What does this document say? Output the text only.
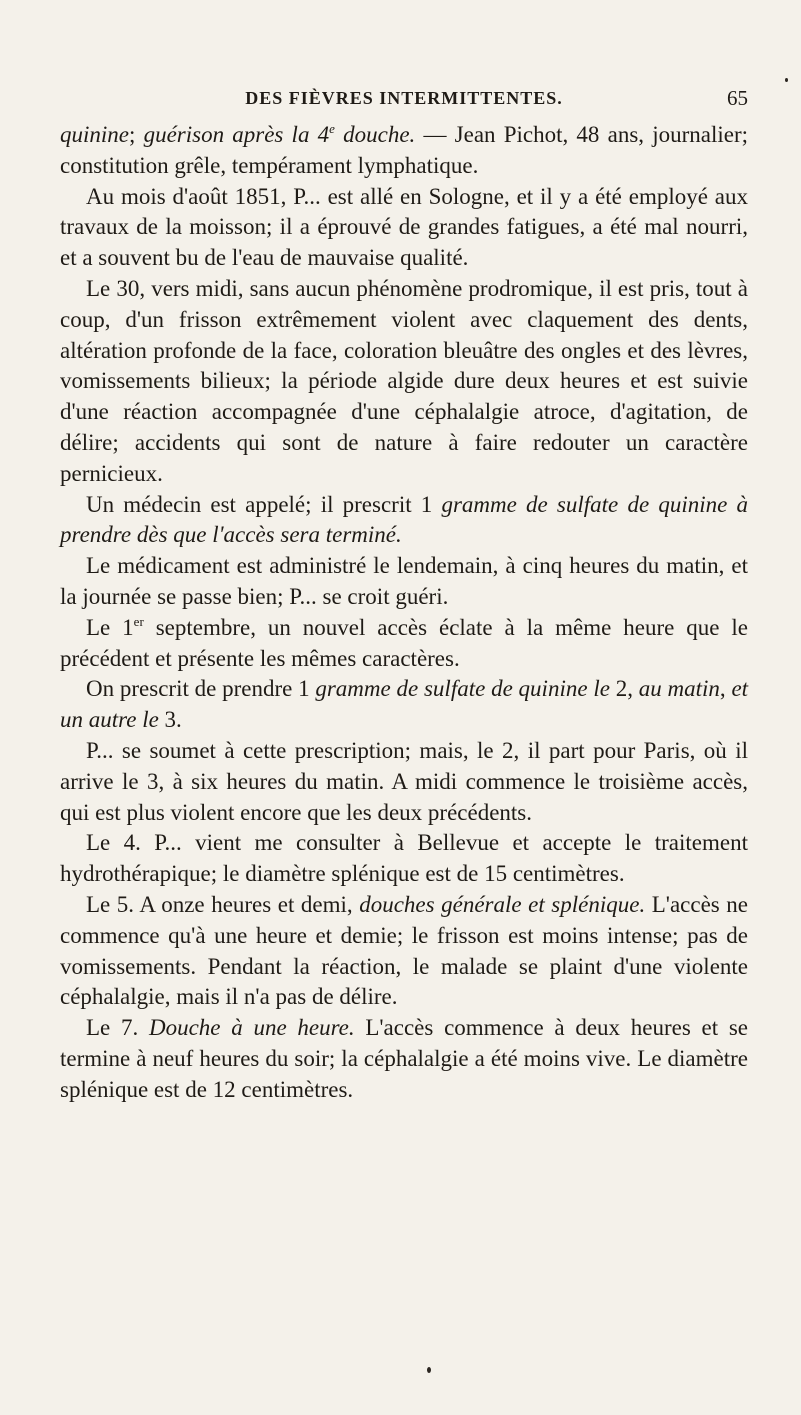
DES FIÈVRES INTERMITTENTES.	65

quinine; guérison après la 4e douche. — Jean Pichot, 48 ans, journalier; constitution grêle, tempérament lymphatique.

Au mois d'août 1851, P... est allé en Sologne, et il y a été employé aux travaux de la moisson; il a éprouvé de grandes fatigues, a été mal nourri, et a souvent bu de l'eau de mauvaise qualité.

Le 30, vers midi, sans aucun phénomène prodromique, il est pris, tout à coup, d'un frisson extrêmement violent avec claquement des dents, altération profonde de la face, coloration bleuâtre des ongles et des lèvres, vomissements bilieux; la période algide dure deux heures et est suivie d'une réaction accompagnée d'une céphalalgie atroce, d'agitation, de délire; accidents qui sont de nature à faire redouter un caractère pernicieux.

Un médecin est appelé; il prescrit 1 gramme de sulfate de quinine à prendre dès que l'accès sera terminé.

Le médicament est administré le lendemain, à cinq heures du matin, et la journée se passe bien; P... se croit guéri.

Le 1er septembre, un nouvel accès éclate à la même heure que le précédent et présente les mêmes caractères.

On prescrit de prendre 1 gramme de sulfate de quinine le 2, au matin, et un autre le 3.

P... se soumet à cette prescription; mais, le 2, il part pour Paris, où il arrive le 3, à six heures du matin. A midi commence le troisième accès, qui est plus violent encore que les deux précédents.

Le 4. P... vient me consulter à Bellevue et accepte le traitement hydrothérapique; le diamètre splénique est de 15 centimètres.

Le 5. A onze heures et demi, douches générale et splénique. L'accès ne commence qu'à une heure et demie; le frisson est moins intense; pas de vomissements. Pendant la réaction, le malade se plaint d'une violente céphalalgie, mais il n'a pas de délire.

Le 7. Douche à une heure. L'accès commence à deux heures et se termine à neuf heures du soir; la céphalalgie a été moins vive. Le diamètre splénique est de 12 centimètres.
